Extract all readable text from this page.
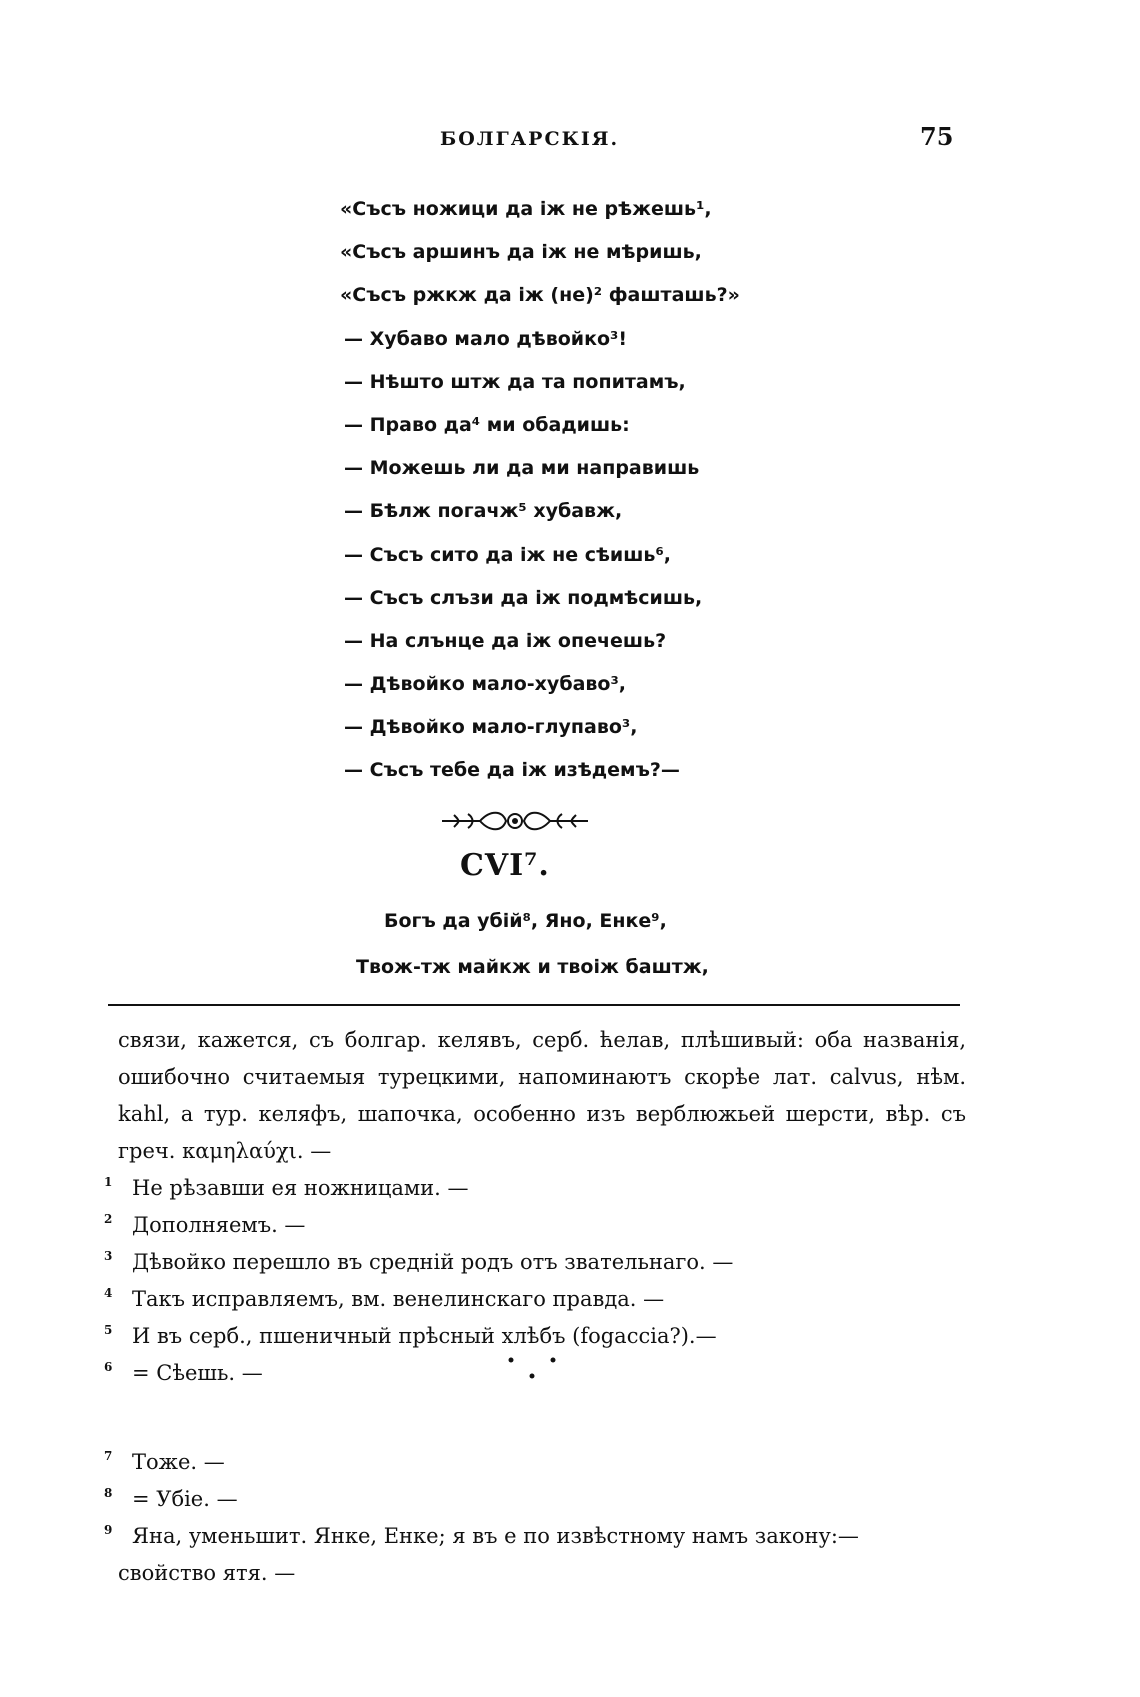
БОЛГАРСКІЯ.	75
«Съсъ ножици да іж не рѣжешь¹,
«Съсъ аршинъ да іж не мѣришь,
«Съсъ ржкж да іж (не)² фашташь?»
— Хубаво мало дѣвойко³!
— Нѣшто штж да та попитамъ,
— Право да⁴ ми обадишь:
— Можешь ли да ми направишь
— Бѣлж погачж⁵ хубавж,
— Съсъ сито да іж не сѣишь⁶,
— Съсъ слъзи да іж подмѣсишь,
— На слънце да іж опечешь?
— Дѣвойко мало-хубаво³,
— Дѣвойко мало-глупаво³,
— Съсъ тебе да іж изѣдемъ?—
CVI⁷.
Богъ да убій⁸, Яно, Енке⁹,
Твож-тж майкж и твоіж баштж,

связи, кажется, съ болгар. келявъ, серб. ћелав, плѣшивый: оба названія, ошибочно считаемыя турецкими, напоминаютъ скорѣе лат. calvus, нѣм. kahl, а тур. келяфъ, шапочка, особенно изъ верблюжьей шерсти, вѣр. съ греч. καμηλαύχι. —

1 Не рѣзавши ея ножницами. —
2 Дополняемъ. —
3 Дѣвойко перешло въ среднiй родъ отъ звательнаго. —
4 Такъ исправляемъ, вм. венелинскаго правда. —
5 И въ серб., пшеничный прѣсный хлѣбъ (fogaccia?).—
6 = Сѣешь. —
7 Тоже. —
8 = Убіе. —
9 Яна, уменьшит. Янке, Енке; я въ е по извѣстному намъ закону:—
свойство ятя. —
